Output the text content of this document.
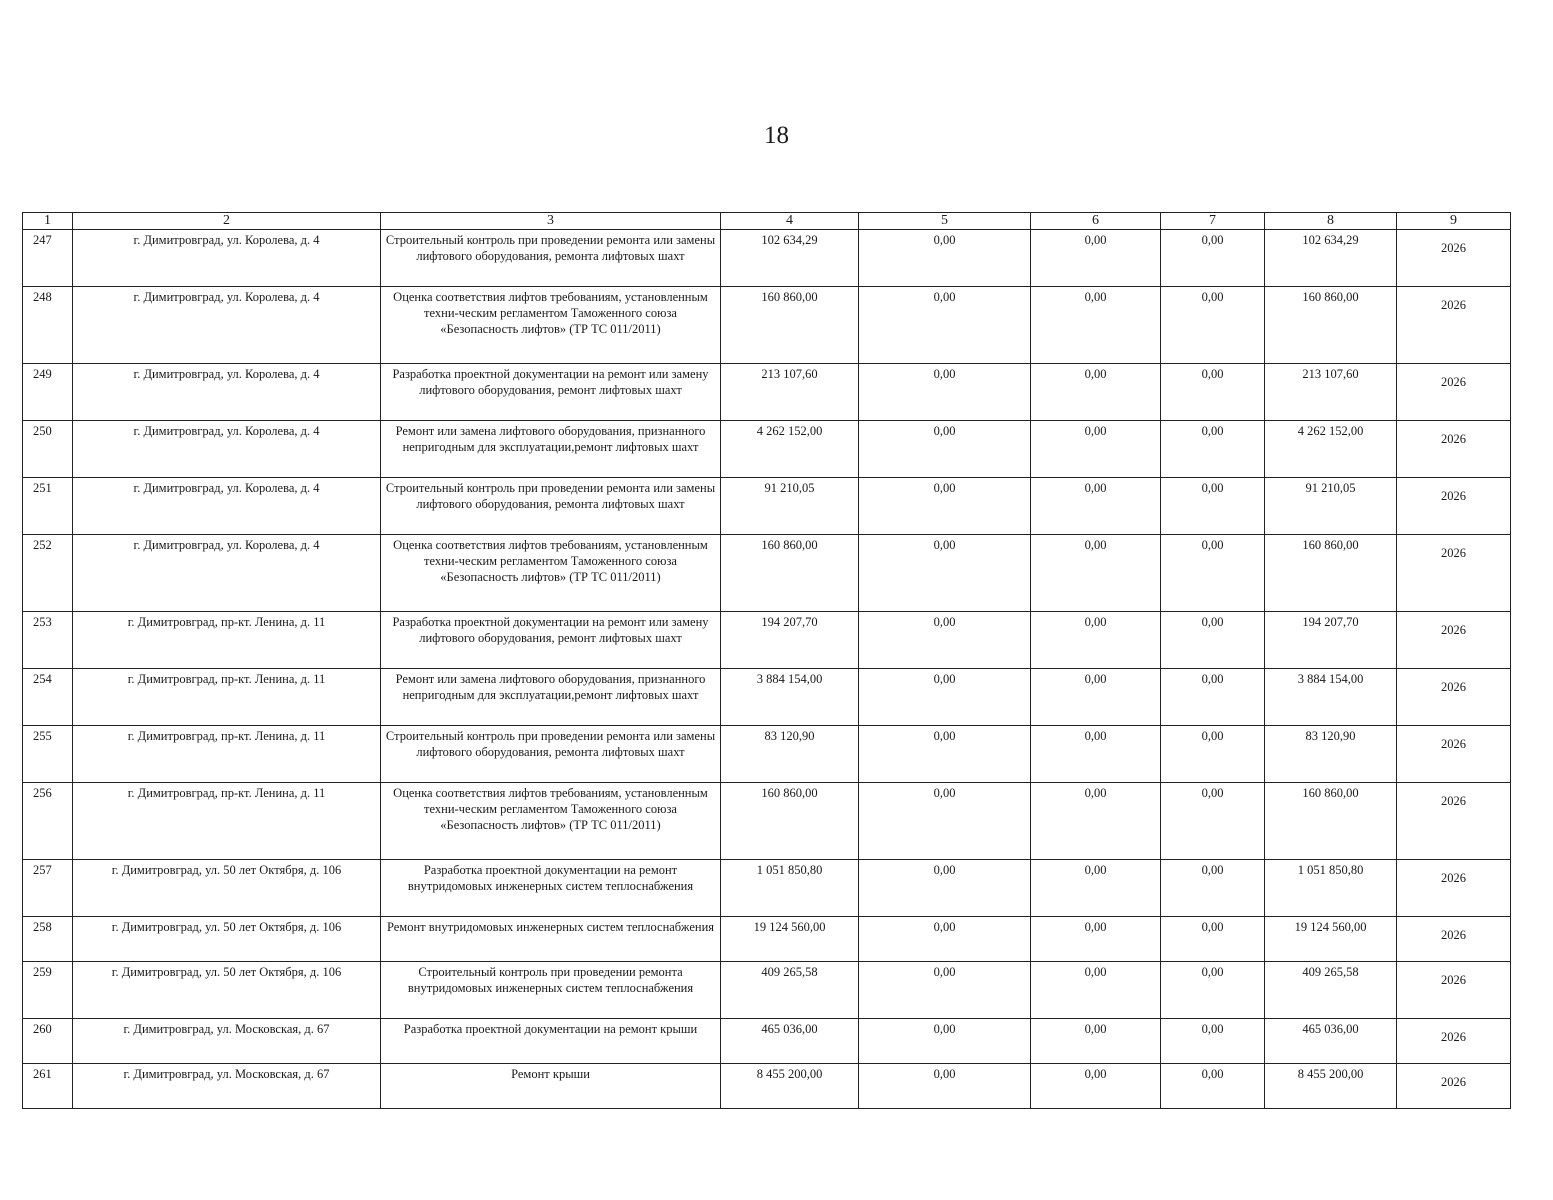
18
1	2	3	4	5	6	7	8	9
247	г. Димитровград, ул. Королева, д. 4	Строительный контроль при проведении ремонта или замены лифтового оборудования, ремонта лифтовых шахт	102 634,29	0,00	0,00	0,00	102 634,29	2026
248	г. Димитровград, ул. Королева, д. 4	Оценка соответствия лифтов требованиям, установленным техни-ческим регламентом Таможенного союза «Безопасность лифтов» (ТР ТС 011/2011)	160 860,00	0,00	0,00	0,00	160 860,00	2026
249	г. Димитровград, ул. Королева, д. 4	Разработка проектной документации на ремонт или замену лифтового оборудования, ремонт лифтовых шахт	213 107,60	0,00	0,00	0,00	213 107,60	2026
250	г. Димитровград, ул. Королева, д. 4	Ремонт или замена лифтового оборудования, признанного непригодным для эксплуатации,ремонт лифтовых шахт	4 262 152,00	0,00	0,00	0,00	4 262 152,00	2026
251	г. Димитровград, ул. Королева, д. 4	Строительный контроль при проведении ремонта или замены лифтового оборудования, ремонта лифтовых шахт	91 210,05	0,00	0,00	0,00	91 210,05	2026
252	г. Димитровград, ул. Королева, д. 4	Оценка соответствия лифтов требованиям, установленным техни-ческим регламентом Таможенного союза «Безопасность лифтов» (ТР ТС 011/2011)	160 860,00	0,00	0,00	0,00	160 860,00	2026
253	г. Димитровград, пр-кт. Ленина, д. 11	Разработка проектной документации на ремонт или замену лифтового оборудования, ремонт лифтовых шахт	194 207,70	0,00	0,00	0,00	194 207,70	2026
254	г. Димитровград, пр-кт. Ленина, д. 11	Ремонт или замена лифтового оборудования, признанного непригодным для эксплуатации,ремонт лифтовых шахт	3 884 154,00	0,00	0,00	0,00	3 884 154,00	2026
255	г. Димитровград, пр-кт. Ленина, д. 11	Строительный контроль при проведении ремонта или замены лифтового оборудования, ремонта лифтовых шахт	83 120,90	0,00	0,00	0,00	83 120,90	2026
256	г. Димитровград, пр-кт. Ленина, д. 11	Оценка соответствия лифтов требованиям, установленным техни-ческим регламентом Таможенного союза «Безопасность лифтов» (ТР ТС 011/2011)	160 860,00	0,00	0,00	0,00	160 860,00	2026
257	г. Димитровград, ул. 50 лет Октября, д. 106	Разработка проектной документации на ремонт внутридомовых инженерных систем теплоснабжения	1 051 850,80	0,00	0,00	0,00	1 051 850,80	2026
258	г. Димитровград, ул. 50 лет Октября, д. 106	Ремонт внутридомовых инженерных систем теплоснабжения	19 124 560,00	0,00	0,00	0,00	19 124 560,00	2026
259	г. Димитровград, ул. 50 лет Октября, д. 106	Строительный контроль при проведении ремонта внутридомовых инженерных систем теплоснабжения	409 265,58	0,00	0,00	0,00	409 265,58	2026
260	г. Димитровград, ул. Московская, д. 67	Разработка проектной документации на ремонт крыши	465 036,00	0,00	0,00	0,00	465 036,00	2026
261	г. Димитровград, ул. Московская, д. 67	Ремонт крыши	8 455 200,00	0,00	0,00	0,00	8 455 200,00	2026
